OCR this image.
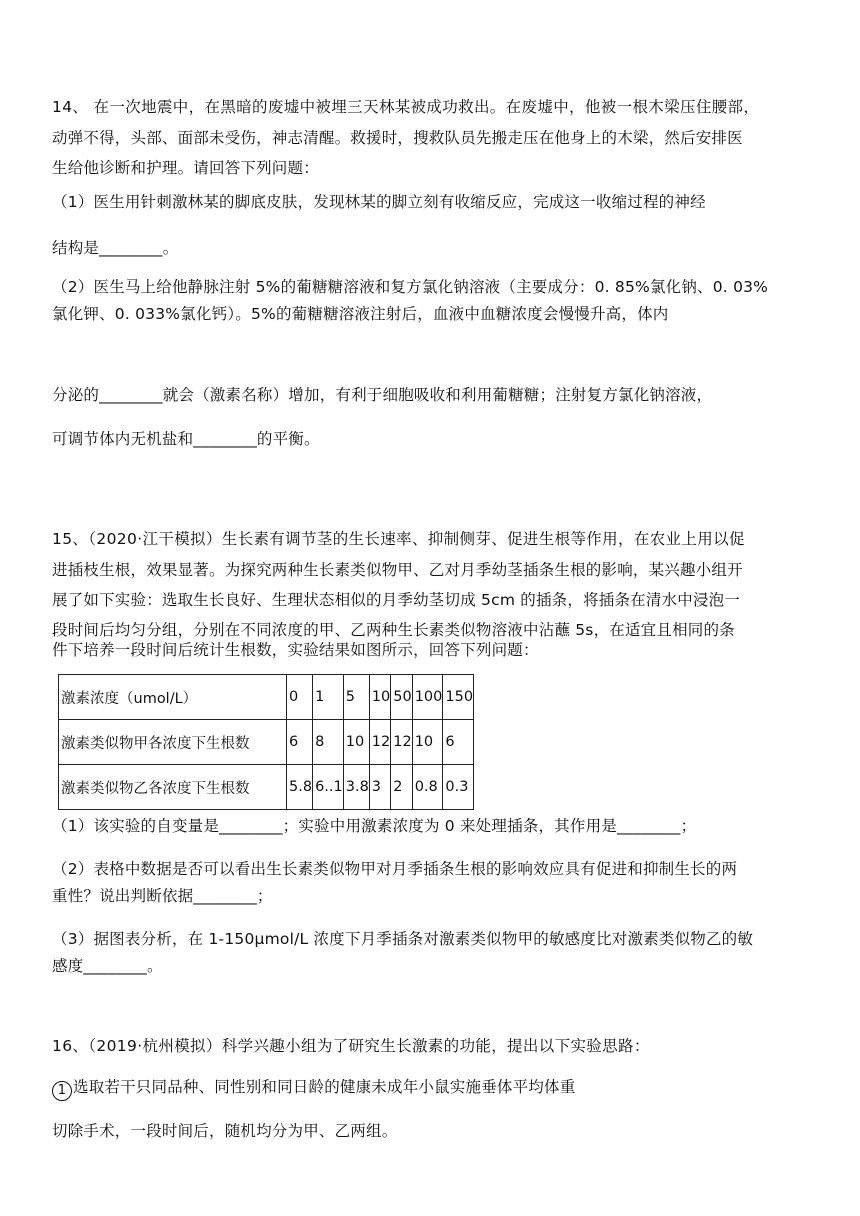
14、 在一次地震中，在黑暗的废墟中被埋三天林某被成功救出。在废墟中，他被一根木梁压住腰部，
动弹不得，头部、面部未受伤，神志清醒。救援时，搜救队员先搬走压在他身上的木梁，然后安排医
生给他诊断和护理。请回答下列问题：
（1）医生用针刺激林某的脚底皮肤，发现林某的脚立刻有收缩反应，完成这一收缩过程的神经
结构是________。
（2）医生马上给他静脉注射 5%的葡糖糖溶液和复方氯化钠溶液（主要成分：0. 85%氯化钠、0. 03%
氯化钾、0. 033%氯化钙）。5%的葡糖糖溶液注射后，血液中血糖浓度会慢慢升高，体内
分泌的________就会（激素名称）增加，有利于细胞吸收和利用葡糖糖；注射复方氯化钠溶液，
可调节体内无机盐和________的平衡。
15、（2020·江干模拟）生长素有调节茎的生长速率、抑制侧芽、促进生根等作用，在农业上用以促
进插枝生根，效果显著。为探究两种生长素类似物甲、乙对月季幼茎插条生根的影响，某兴趣小组开
展了如下实验：选取生长良好、生理状态相似的月季幼茎切成 5cm 的插条，将插条在清水中浸泡一
段时间后均匀分组，分别在不同浓度的甲、乙两种生长素类似物溶液中沾蘸 5s，在适宜且相同的条
件下培养一段时间后统计生根数，实验结果如图所示，回答下列问题：
激素浓度（umol/L）	0	1	5	10	50	100	150
激素类似物甲各浓度下生根数	6	8	10	12	12	10	6
激素类似物乙各浓度下生根数	5.8	6..1	3.8	3	2	0.8	0.3
（1）该实验的自变量是________；实验中用激素浓度为 0 来处理插条，其作用是________；
（2）表格中数据是否可以看出生长素类似物甲对月季插条生根的影响效应具有促进和抑制生长的两
重性？说出判断依据________；
（3）据图表分析，在 1-150μmol/L 浓度下月季插条对激素类似物甲的敏感度比对激素类似物乙的敏
感度________。
16、（2019·杭州模拟）科学兴趣小组为了研究生长激素的功能，提出以下实验思路：
1 选取若干只同品种、同性别和同日龄的健康未成年小鼠实施垂体平均体重
切除手术，一段时间后，随机均分为甲、乙两组。
